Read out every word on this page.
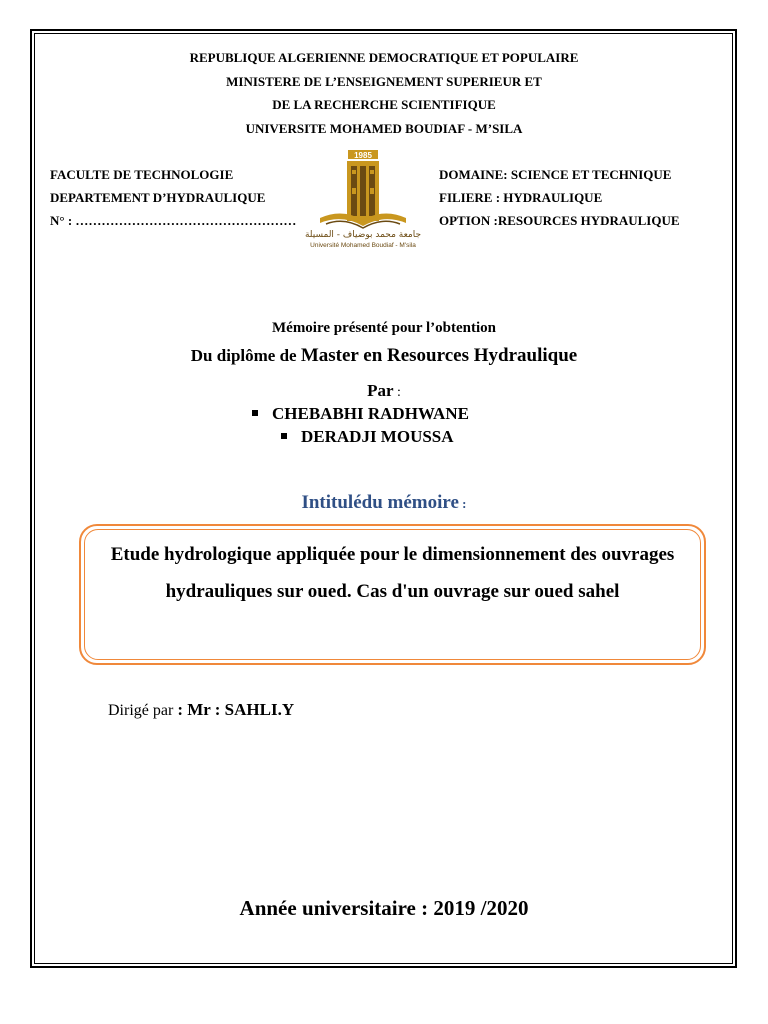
REPUBLIQUE ALGERIENNE DEMOCRATIQUE ET POPULAIRE
MINISTERE DE L’ENSEIGNEMENT SUPERIEUR ET
DE LA RECHERCHE SCIENTIFIQUE
UNIVERSITE MOHAMED BOUDIAF - M’SILA
FACULTE DE TECHNOLOGIE
DEPARTEMENT D’HYDRAULIQUE
N° : ……………………………………………
DOMAINE: SCIENCE ET TECHNIQUE
FILIERE : HYDRAULIQUE
OPTION :RESOURCES HYDRAULIQUE
1985
جامعة محمد بوضياف - المسيلة
Université Mohamed Boudiaf - M'sila
Mémoire présenté pour l’obtention
Du diplôme de Master en Resources Hydraulique
Par :
CHEBABHI RADHWANE
DERADJI MOUSSA
Intitulédu mémoire :
Etude hydrologique appliquée pour le dimensionnement des ouvrages hydrauliques sur oued. Cas d'un ouvrage sur oued sahel
Dirigé par : Mr : SAHLI.Y
Année universitaire : 2019 /2020
